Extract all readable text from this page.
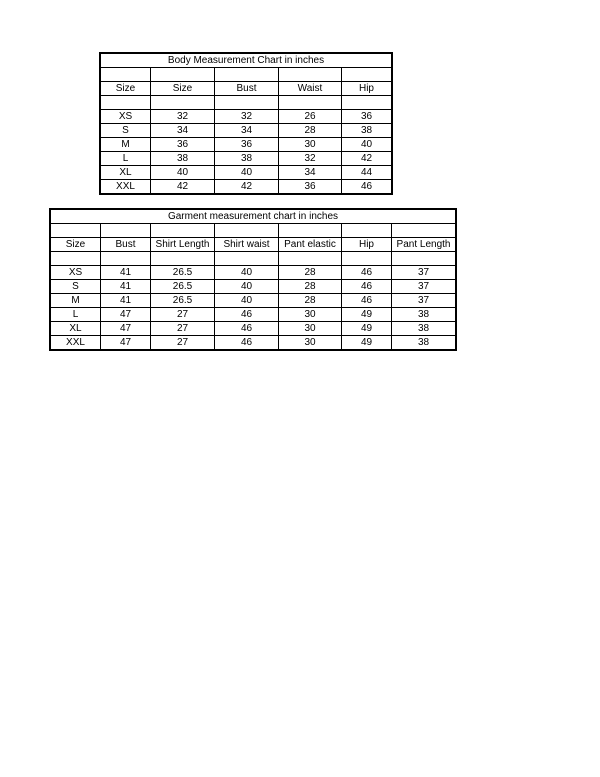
Body Measurement Chart in inches				

Size	Size	Bust	Waist	Hip

XS	32	32	26	36
S	34	34	28	38
M	36	36	30	40
L	38	38	32	42
XL	40	40	34	44
XXL	42	42	36	46
Garment measurement chart in inches						

Size	Bust	Shirt Length	Shirt waist	Pant elastic	Hip	Pant Length

XS	41	26.5	40	28	46	37
S	41	26.5	40	28	46	37
M	41	26.5	40	28	46	37
L	47	27	46	30	49	38
XL	47	27	46	30	49	38
XXL	47	27	46	30	49	38
